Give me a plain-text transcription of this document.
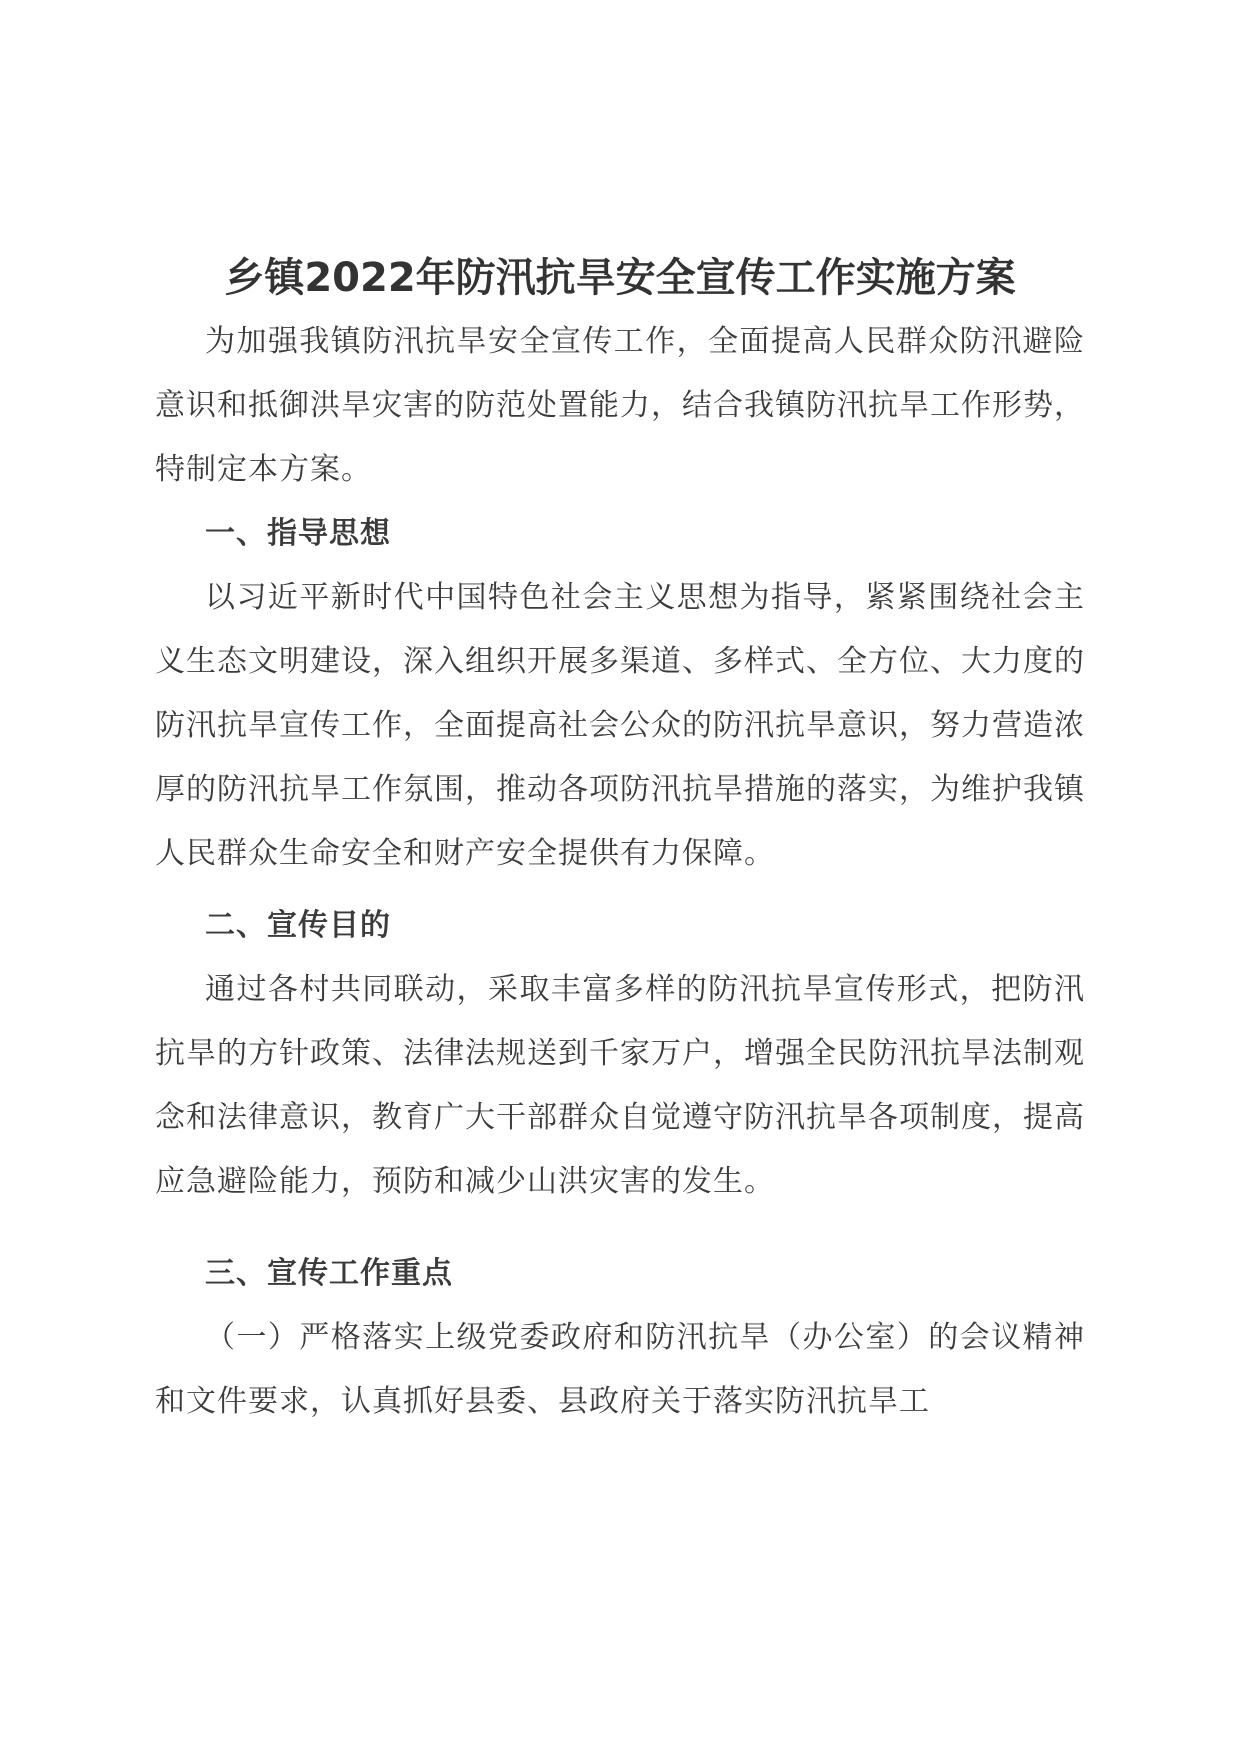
乡镇2022年防汛抗旱安全宣传工作实施方案

为加强我镇防汛抗旱安全宣传工作，全面提高人民群众防汛避险意识和抵御洪旱灾害的防范处置能力，结合我镇防汛抗旱工作形势，特制定本方案。

一、指导思想

以习近平新时代中国特色社会主义思想为指导，紧紧围绕社会主义生态文明建设，深入组织开展多渠道、多样式、全方位、大力度的防汛抗旱宣传工作，全面提高社会公众的防汛抗旱意识，努力营造浓厚的防汛抗旱工作氛围，推动各项防汛抗旱措施的落实，为维护我镇人民群众生命安全和财产安全提供有力保障。

二、宣传目的

通过各村共同联动，采取丰富多样的防汛抗旱宣传形式，把防汛抗旱的方针政策、法律法规送到千家万户，增强全民防汛抗旱法制观念和法律意识，教育广大干部群众自觉遵守防汛抗旱各项制度，提高应急避险能力，预防和减少山洪灾害的发生。

三、宣传工作重点

（一）严格落实上级党委政府和防汛抗旱（办公室）的会议精神和文件要求，认真抓好县委、县政府关于落实防汛抗旱工
